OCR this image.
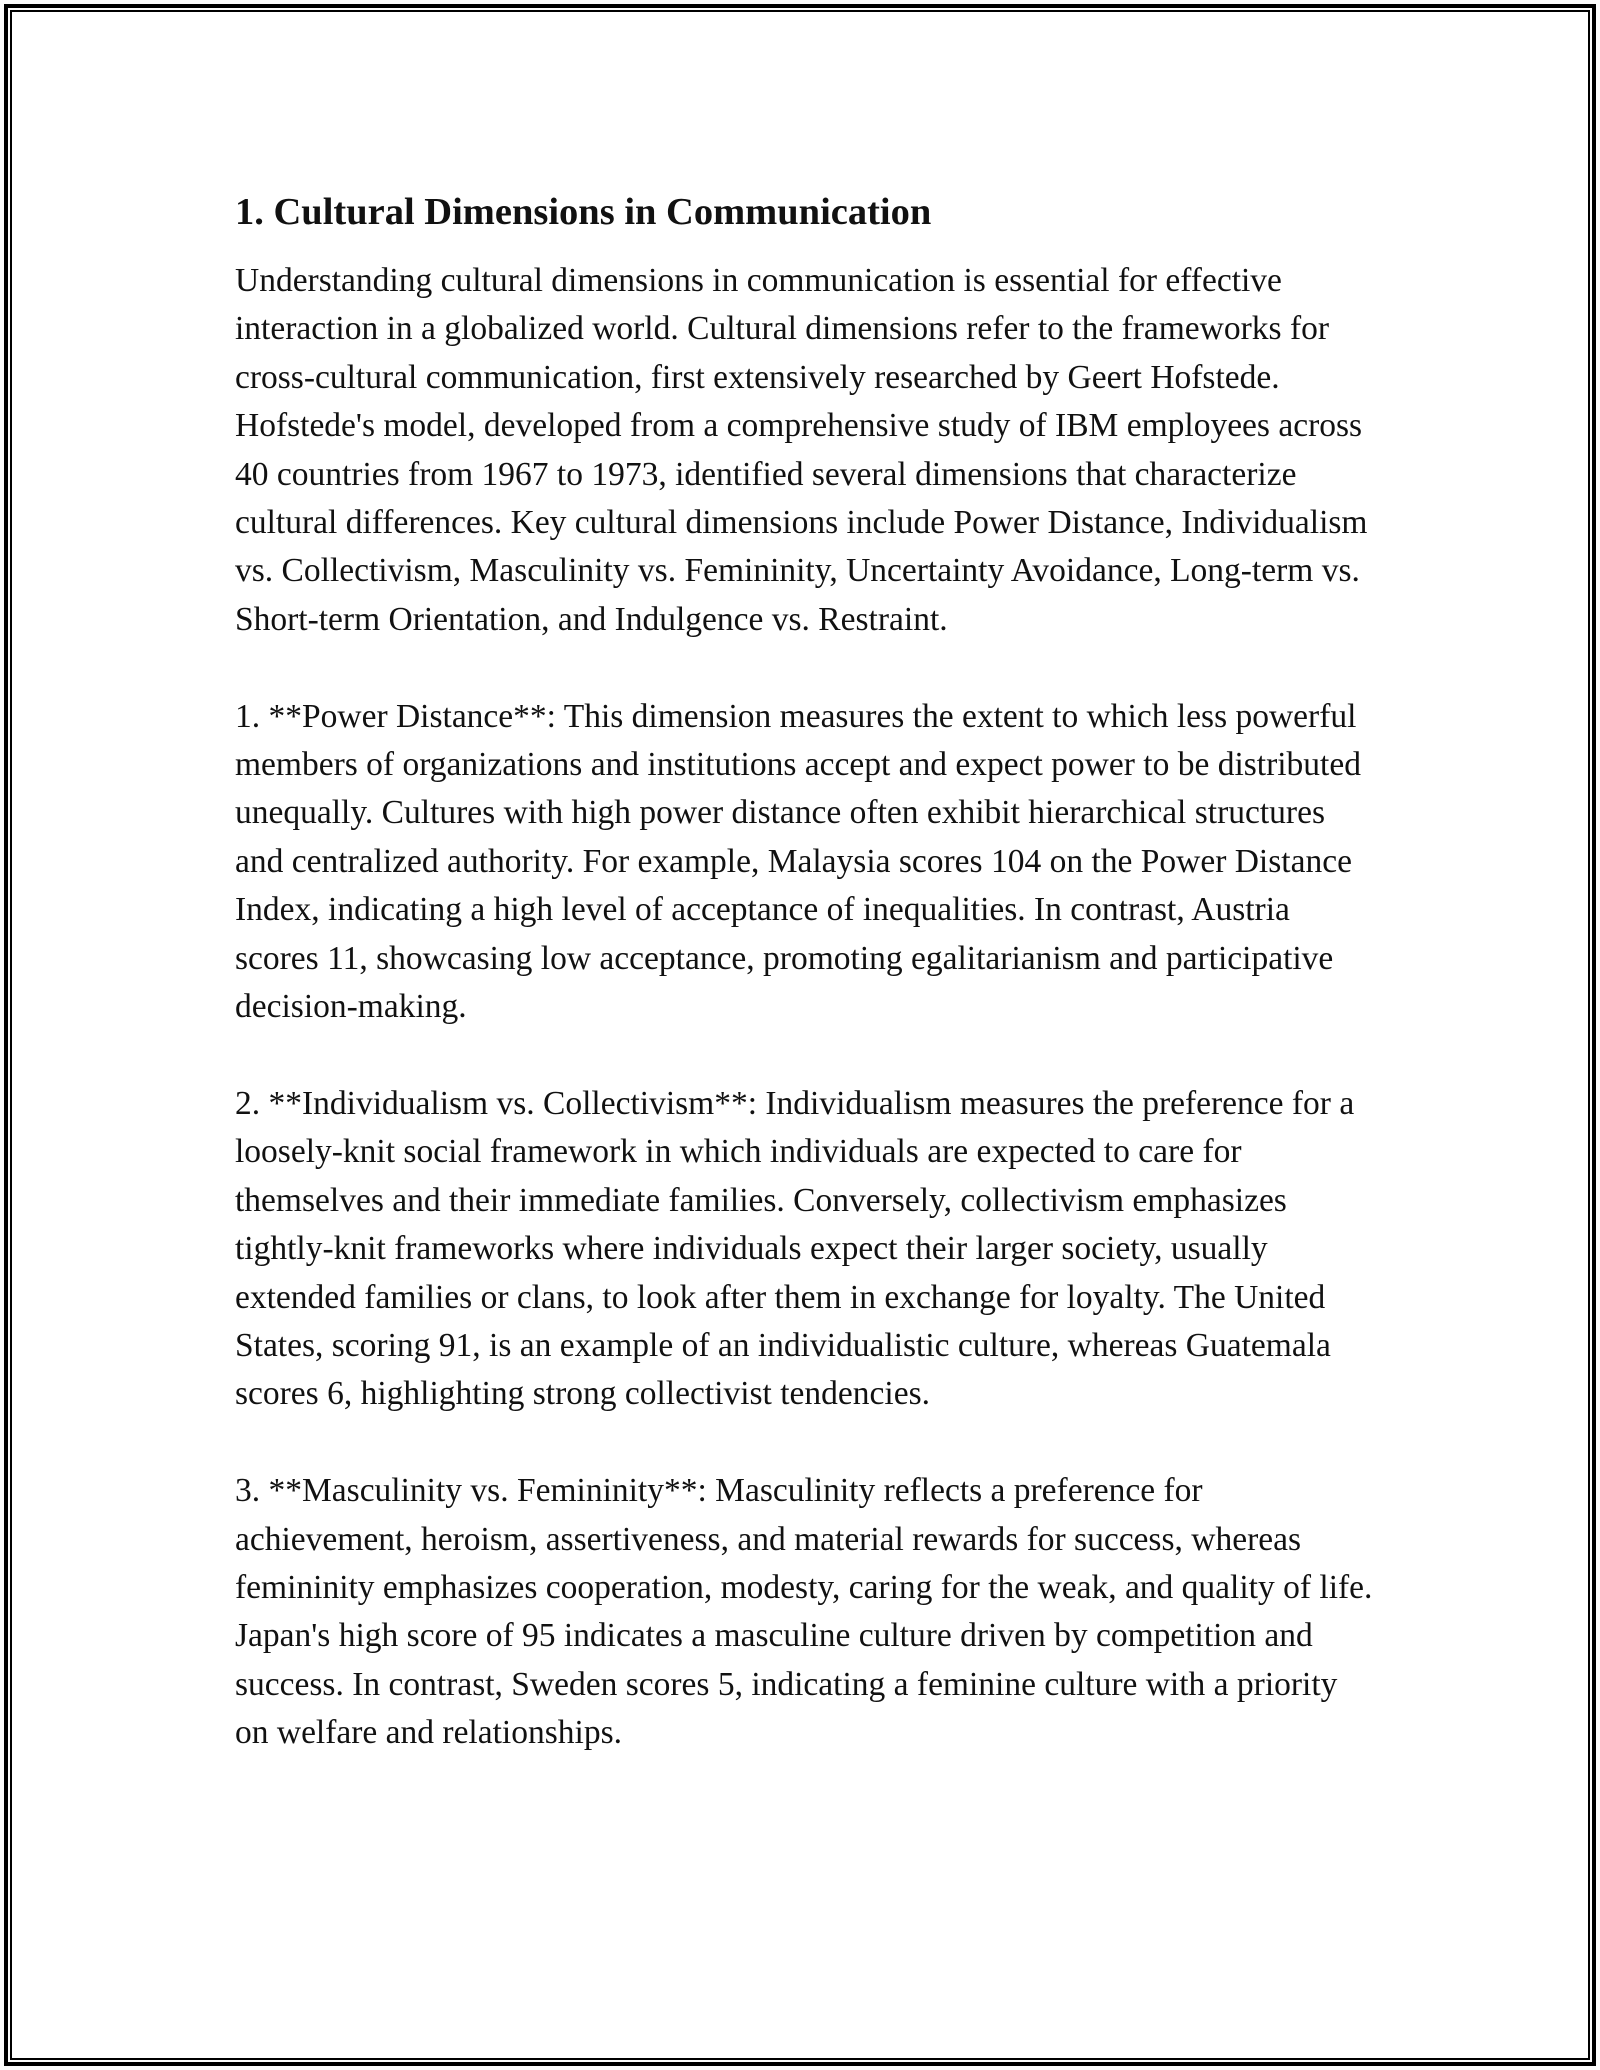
1. Cultural Dimensions in Communication

Understanding cultural dimensions in communication is essential for effective interaction in a globalized world. Cultural dimensions refer to the frameworks for cross-cultural communication, first extensively researched by Geert Hofstede. Hofstede's model, developed from a comprehensive study of IBM employees across 40 countries from 1967 to 1973, identified several dimensions that characterize cultural differences. Key cultural dimensions include Power Distance, Individualism vs. Collectivism, Masculinity vs. Femininity, Uncertainty Avoidance, Long-term vs. Short-term Orientation, and Indulgence vs. Restraint.

1. **Power Distance**: This dimension measures the extent to which less powerful members of organizations and institutions accept and expect power to be distributed unequally. Cultures with high power distance often exhibit hierarchical structures and centralized authority. For example, Malaysia scores 104 on the Power Distance Index, indicating a high level of acceptance of inequalities. In contrast, Austria scores 11, showcasing low acceptance, promoting egalitarianism and participative decision-making.

2. **Individualism vs. Collectivism**: Individualism measures the preference for a loosely-knit social framework in which individuals are expected to care for themselves and their immediate families. Conversely, collectivism emphasizes tightly-knit frameworks where individuals expect their larger society, usually extended families or clans, to look after them in exchange for loyalty. The United States, scoring 91, is an example of an individualistic culture, whereas Guatemala scores 6, highlighting strong collectivist tendencies.

3. **Masculinity vs. Femininity**: Masculinity reflects a preference for achievement, heroism, assertiveness, and material rewards for success, whereas femininity emphasizes cooperation, modesty, caring for the weak, and quality of life. Japan's high score of 95 indicates a masculine culture driven by competition and success. In contrast, Sweden scores 5, indicating a feminine culture with a priority on welfare and relationships.
